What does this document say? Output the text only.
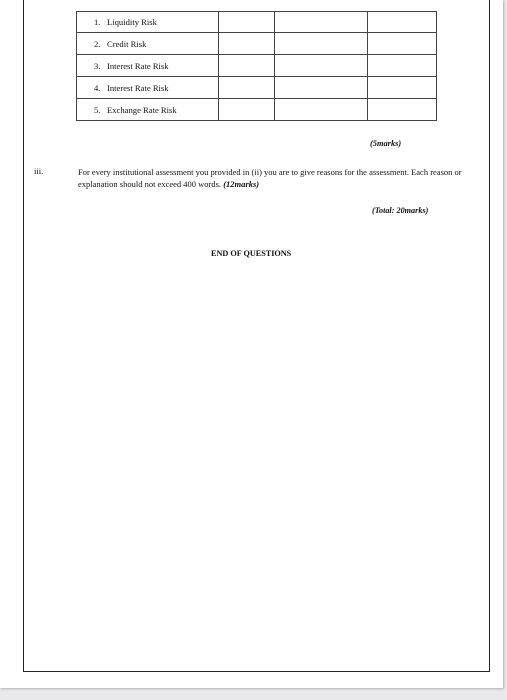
1. Liquidity Risk			
2. Credit Risk			
3. Interest Rate Risk			
4. Interest Rate Risk			
5. Exchange Rate Risk			
(5marks)
iii.	For every institutional assessment you provided in (ii) you are to give reasons for the assessment. Each reason or explanation should not exceed 400 words. (12marks)
(Total: 20marks)
END OF QUESTIONS
